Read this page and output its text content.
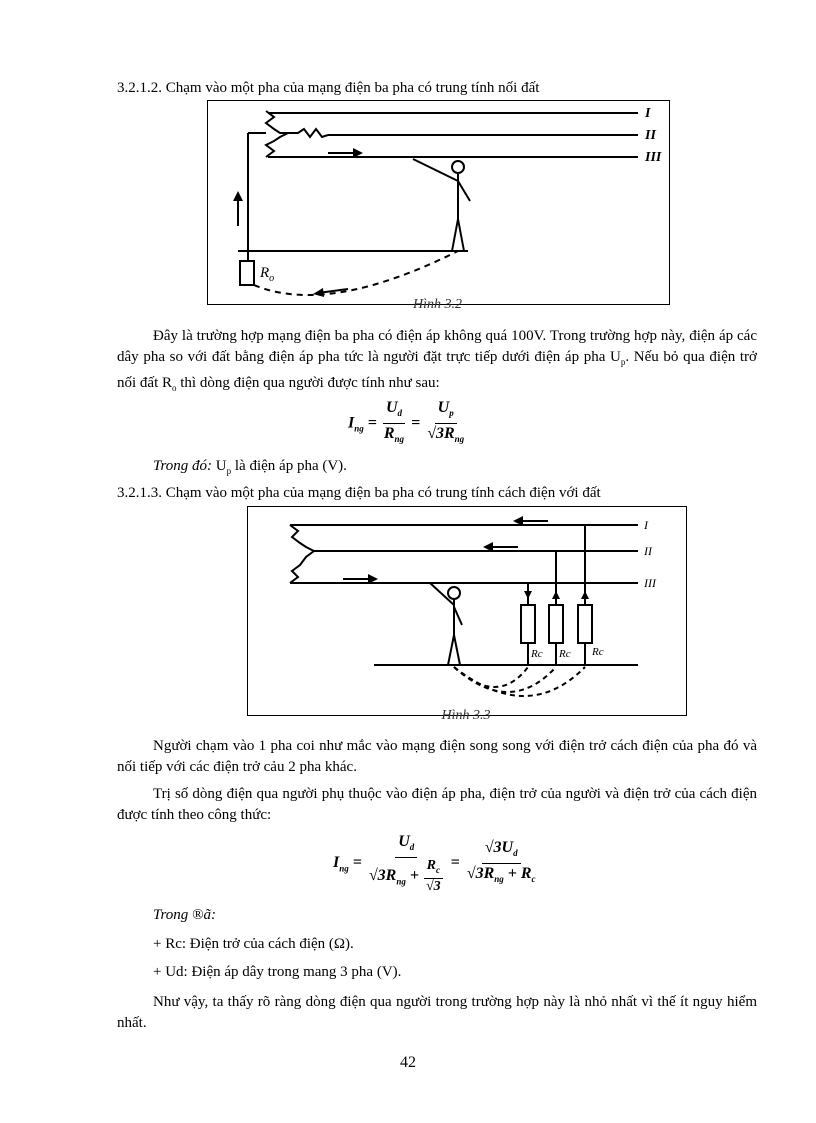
3.2.1.2. Chạm vào một pha của mạng điện ba pha có trung tính nối đất
I
II
III
$R_o$
Hình 3.2
Đây là trường hợp mạng điện ba pha có điện áp không quá 100V. Trong trường hợp này, điện áp các dây pha so với đất bằng điện áp pha tức là người đặt trực tiếp dưới điện áp pha $U_p$. Nếu bỏ qua điện trở nối đất $R_o$ thì dòng điện qua người được tính như sau:
$I_{ng} = \frac{U_d}{R_{ng}} = \frac{U_p}{√3R_{ng}}$
Trong đó: $U_p$ là điện áp pha (V).
3.2.1.3. Chạm vào một pha của mạng điện ba pha có trung tính cách điện với đất
I
II
III
Rc Rc Rc
Hình 3.3
Người chạm vào 1 pha coi như mắc vào mạng điện song song với điện trở cách điện của pha đó và nối tiếp với các điện trở cảu 2 pha khác.
Trị số dòng điện qua người phụ thuộc vào điện áp pha, điện trở của người và điện trở của cách điện được tính theo công thức:
$I_{ng} = \frac{U_d}{√3R_{ng} + \frac{R_c}{√3}} = \frac{√3U_d}{√3R_{ng} + R_c}$
Trong ®ã:
+ Rc: Điện trở của cách điện (Ω).
+ Ud: Điện áp dây trong mang 3 pha (V).
Như vậy, ta thấy rõ ràng dòng điện qua người trong trường hợp này là nhỏ nhất vì thế ít nguy hiểm nhất.
42
